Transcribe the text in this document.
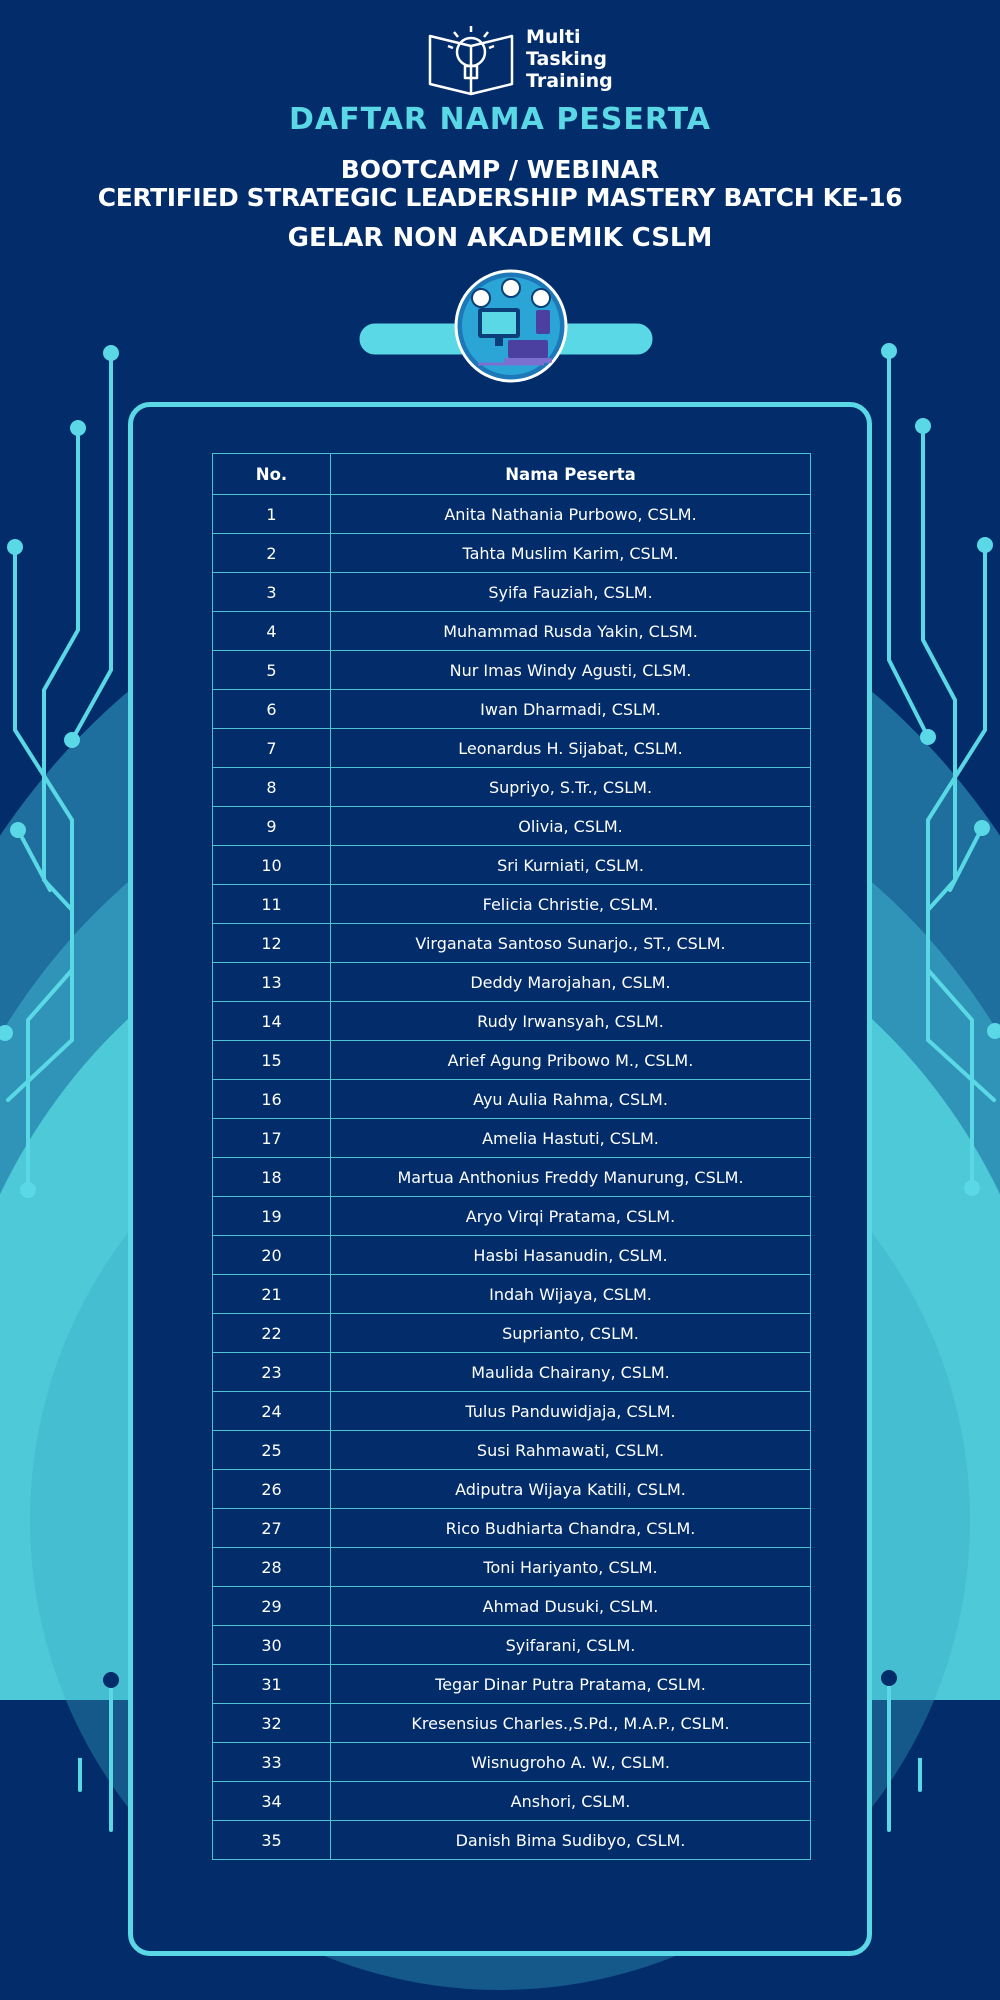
Multi
Tasking
Training
DAFTAR NAMA PESERTA
BOOTCAMP / WEBINAR
CERTIFIED STRATEGIC LEADERSHIP MASTERY BATCH KE-16
GELAR NON AKADEMIK CSLM
No.	Nama Peserta
1	Anita Nathania Purbowo, CSLM.
2	Tahta Muslim Karim, CSLM.
3	Syifa Fauziah, CSLM.
4	Muhammad Rusda Yakin, CLSM.
5	Nur Imas Windy Agusti, CLSM.
6	Iwan Dharmadi, CSLM.
7	Leonardus H. Sijabat, CSLM.
8	Supriyo, S.Tr., CSLM.
9	Olivia, CSLM.
10	Sri Kurniati, CSLM.
11	Felicia Christie, CSLM.
12	Virganata Santoso Sunarjo., ST., CSLM.
13	Deddy Marojahan, CSLM.
14	Rudy Irwansyah, CSLM.
15	Arief Agung Pribowo M., CSLM.
16	Ayu Aulia Rahma, CSLM.
17	Amelia Hastuti, CSLM.
18	Martua Anthonius Freddy Manurung, CSLM.
19	Aryo Virqi Pratama, CSLM.
20	Hasbi Hasanudin, CSLM.
21	Indah Wijaya, CSLM.
22	Suprianto, CSLM.
23	Maulida Chairany, CSLM.
24	Tulus Panduwidjaja, CSLM.
25	Susi Rahmawati, CSLM.
26	Adiputra Wijaya Katili, CSLM.
27	Rico Budhiarta Chandra, CSLM.
28	Toni Hariyanto, CSLM.
29	Ahmad Dusuki, CSLM.
30	Syifarani, CSLM.
31	Tegar Dinar Putra Pratama, CSLM.
32	Kresensius Charles.,S.Pd., M.A.P., CSLM.
33	Wisnugroho A. W., CSLM.
34	Anshori, CSLM.
35	Danish Bima Sudibyo, CSLM.
